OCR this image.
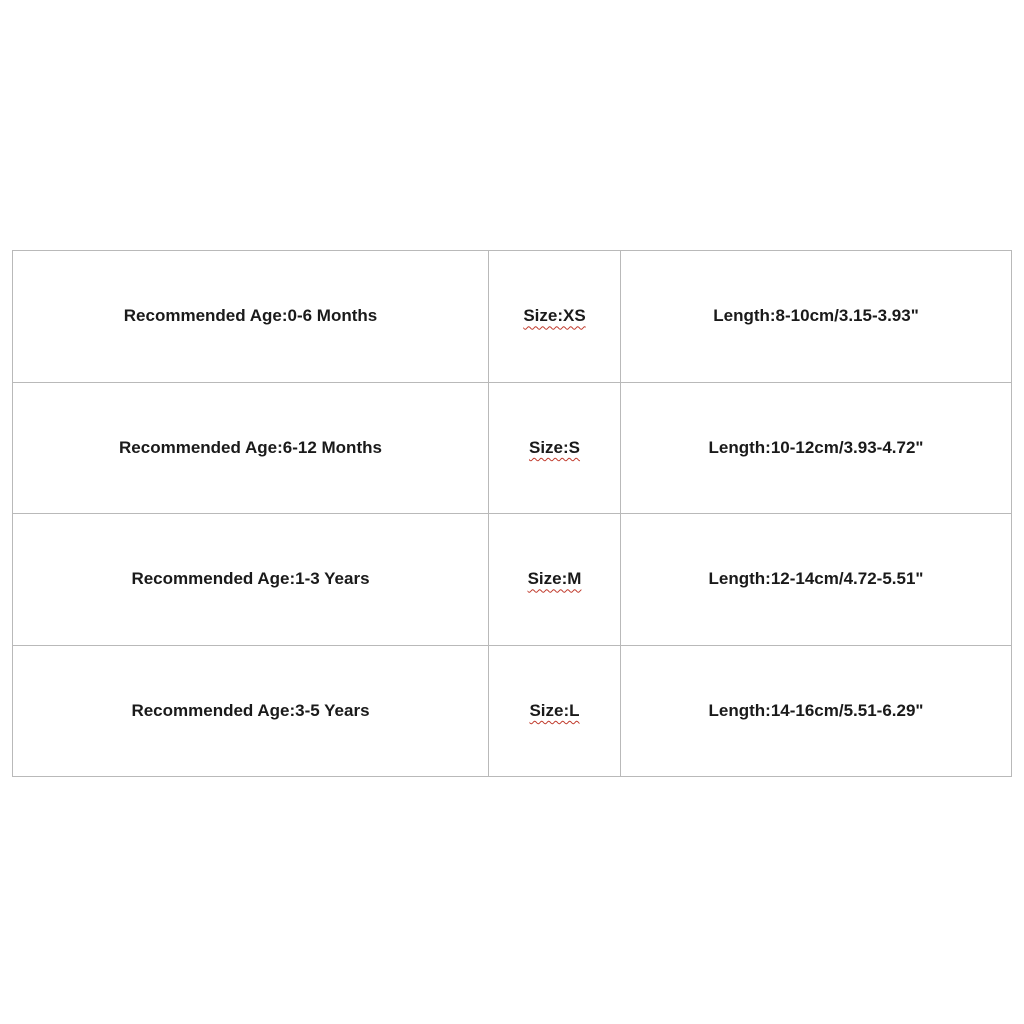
Recommended Age:0-6 Months	Size:XS	Length:8-10cm/3.15-3.93"
Recommended Age:6-12 Months	Size:S	Length:10-12cm/3.93-4.72"
Recommended Age:1-3 Years	Size:M	Length:12-14cm/4.72-5.51"
Recommended Age:3-5 Years	Size:L	Length:14-16cm/5.51-6.29"
